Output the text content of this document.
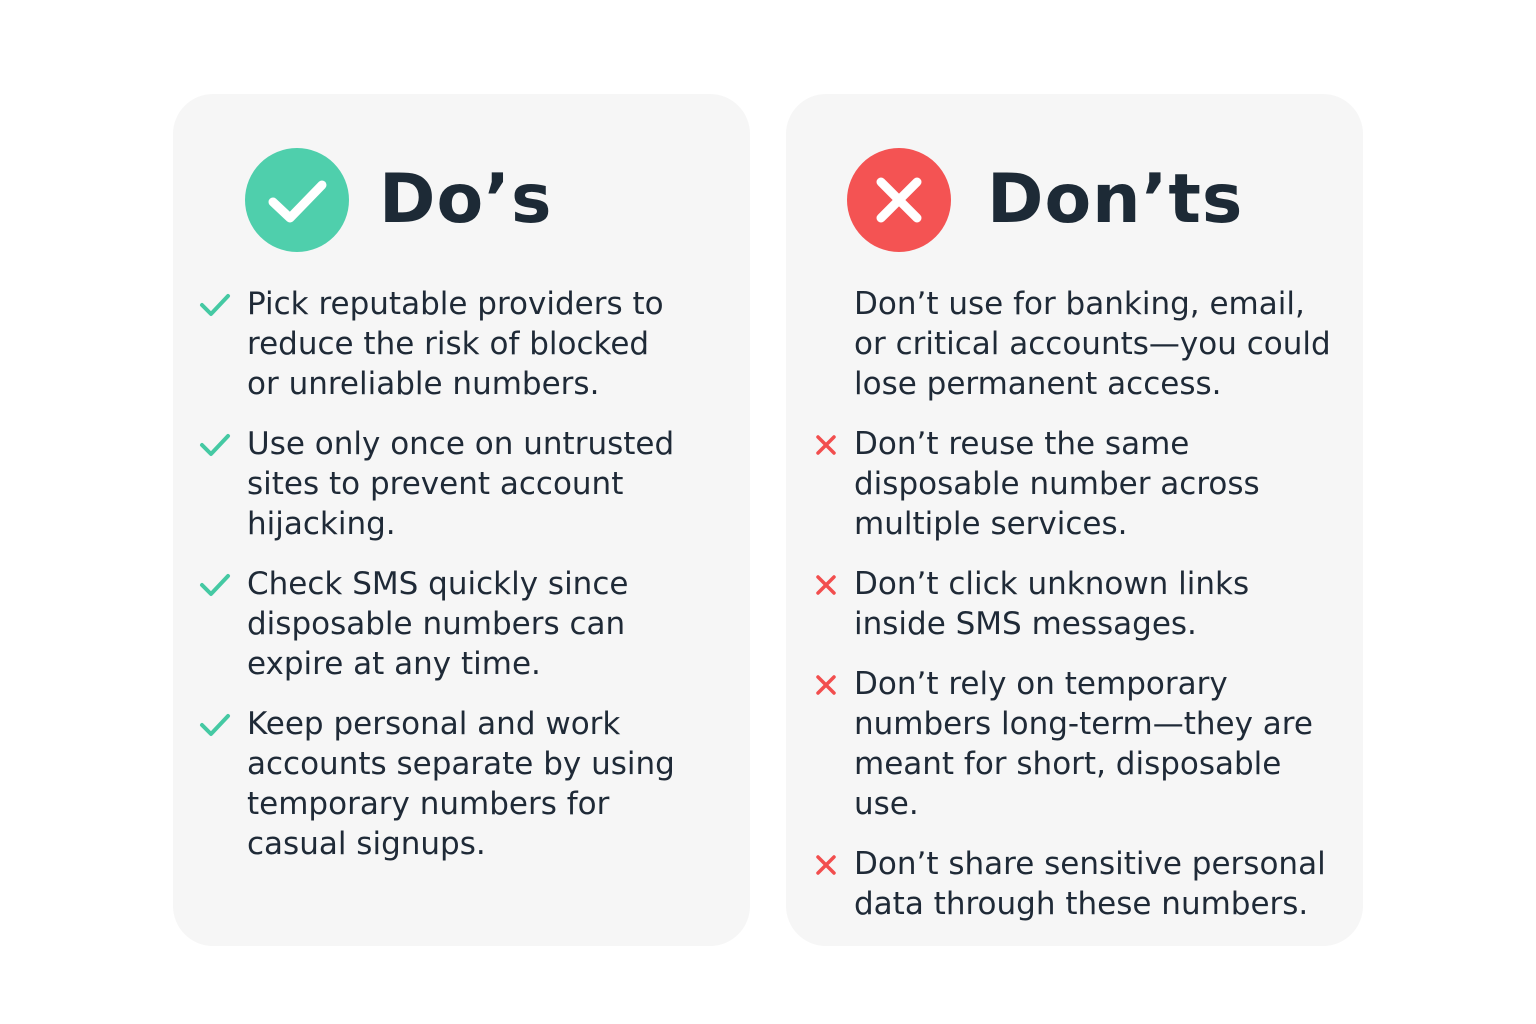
Do’s
Pick reputable providers to reduce the risk of blocked or unreliable numbers.
Use only once on untrusted sites to prevent account hijacking.
Check SMS quickly since disposable numbers can expire at any time.
Keep personal and work accounts separate by using temporary numbers for casual signups.
Don’ts
Don’t use for banking, email, or critical accounts—you could lose permanent access.
Don’t reuse the same disposable number across multiple services.
Don’t click unknown links inside SMS messages.
Don’t rely on temporary numbers long-term—they are meant for short, disposable use.
Don’t share sensitive personal data through these numbers.
